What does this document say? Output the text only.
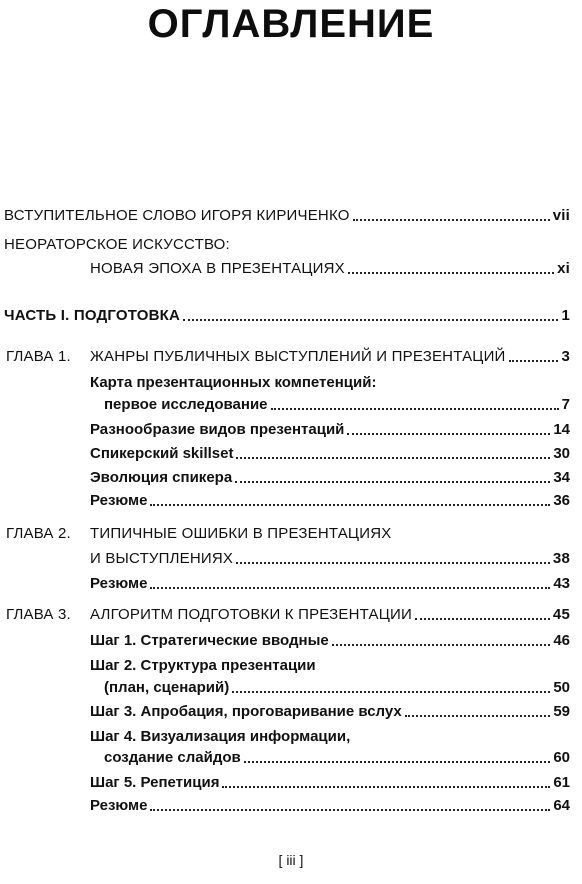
ОГЛАВЛЕНИЕ
ВСТУПИТЕЛЬНОЕ СЛОВО ИГОРЯ КИРИЧЕНКО	vii
НЕОРАТОРСКОЕ ИСКУССТВО:
НОВАЯ ЭПОХА В ПРЕЗЕНТАЦИЯХ	xi
ЧАСТЬ I. ПОДГОТОВКА	1
ГЛАВА 1. ЖАНРЫ ПУБЛИЧНЫХ ВЫСТУПЛЕНИЙ И ПРЕЗЕНТАЦИЙ	3
Карта презентационных компетенций:
первое исследование	7
Разнообразие видов презентаций	14
Спикерский skillset	30
Эволюция спикера	34
Резюме	36
ГЛАВА 2. ТИПИЧНЫЕ ОШИБКИ В ПРЕЗЕНТАЦИЯХ
И ВЫСТУПЛЕНИЯХ	38
Резюме	43
ГЛАВА 3. АЛГОРИТМ ПОДГОТОВКИ К ПРЕЗЕНТАЦИИ	45
Шаг 1. Стратегические вводные	46
Шаг 2. Структура презентации
(план, сценарий)	50
Шаг 3. Апробация, проговаривание вслух	59
Шаг 4. Визуализация информации,
создание слайдов	60
Шаг 5. Репетиция	61
Резюме	64
[ iii ]
